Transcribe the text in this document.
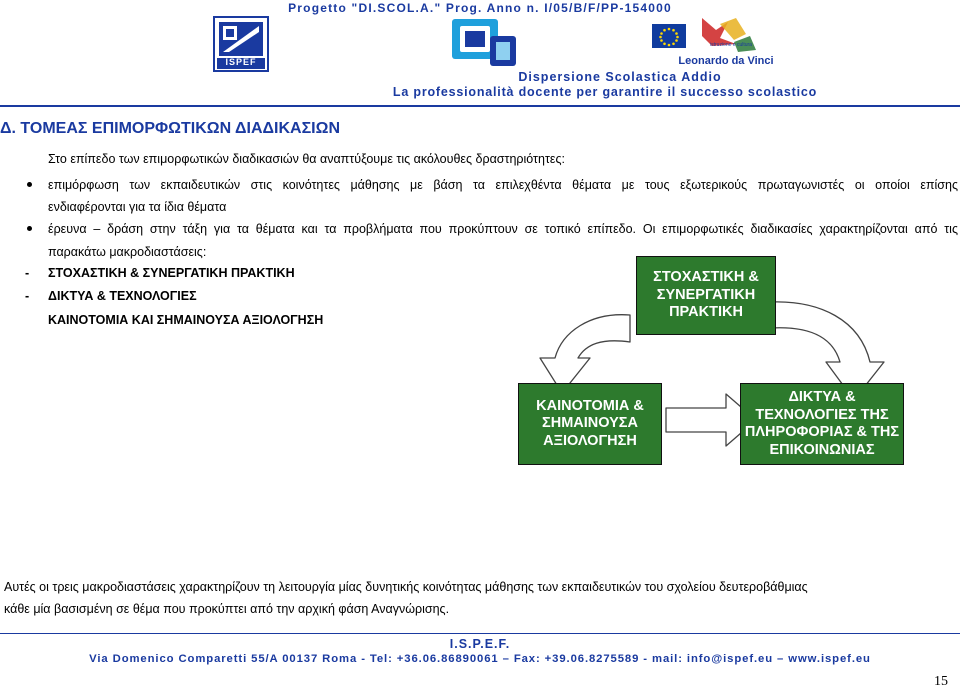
Progetto "DI.SCOL.A." Prog. Anno n. I/05/B/F/PP-154000
ISPEF
istruzione e cultura
Leonardo da Vinci
Dispersione Scolastica Addio
La professionalità docente per garantire il successo scolastico
Δ. ΤΟΜΕΑΣ ΕΠΙΜΟΡΦΩΤΙΚΩΝ ΔΙΑΔΙΚΑΣΙΩΝ
Στο επίπεδο των επιμορφωτικών διαδικασιών θα αναπτύξουμε τις ακόλουθες δραστηριότητες:
επιμόρφωση των εκπαιδευτικών στις κοινότητες μάθησης με βάση τα επιλεχθέντα θέματα με τους εξωτερικούς πρωταγωνιστές οι οποίοι επίσης
ενδιαφέρονται για τα ίδια θέματα
έρευνα – δράση στην τάξη για τα θέματα και τα προβλήματα που προκύπτουν σε τοπικό επίπεδο. Οι επιμορφωτικές διαδικασίες χαρακτηρίζονται από τις
παρακάτω μακροδιαστάσεις:
- ΣΤΟΧΑΣΤΙΚΗ & ΣΥΝΕΡΓΑΤΙΚΗ ΠΡΑΚΤΙΚΗ
- ΔΙΚΤΥΑ & ΤΕΧΝΟΛΟΓΙΕΣ
ΚΑΙΝΟΤΟΜΙΑ ΚΑΙ ΣΗΜΑΙΝΟΥΣΑ ΑΞΙΟΛΟΓΗΣΗ
ΣΤΟΧΑΣΤΙΚΗ &
ΣΥΝΕΡΓΑΤΙΚΗ
ΠΡΑΚΤΙΚΗ
ΚΑΙΝΟΤΟΜΙΑ &
ΣΗΜΑΙΝΟΥΣΑ
ΑΞΙΟΛΟΓΗΣΗ
ΔΙΚΤΥΑ &
ΤΕΧΝΟΛΟΓΙΕΣ ΤΗΣ
ΠΛΗΡΟΦΟΡΙΑΣ & ΤΗΣ
ΕΠΙΚΟΙΝΩΝΙΑΣ
Αυτές οι τρεις μακροδιαστάσεις χαρακτηρίζουν τη λειτουργία μίας δυνητικής κοινότητας μάθησης των εκπαιδευτικών του σχολείου δευτεροβάθμιας
κάθε μία βασισμένη σε θέμα που προκύπτει από την αρχική φάση Αναγνώρισης.
I.S.P.E.F.
Via Domenico Comparetti 55/A 00137 Roma - Tel: +36.06.86890061 – Fax: +39.06.8275589 - mail: info@ispef.eu – www.ispef.eu
15
